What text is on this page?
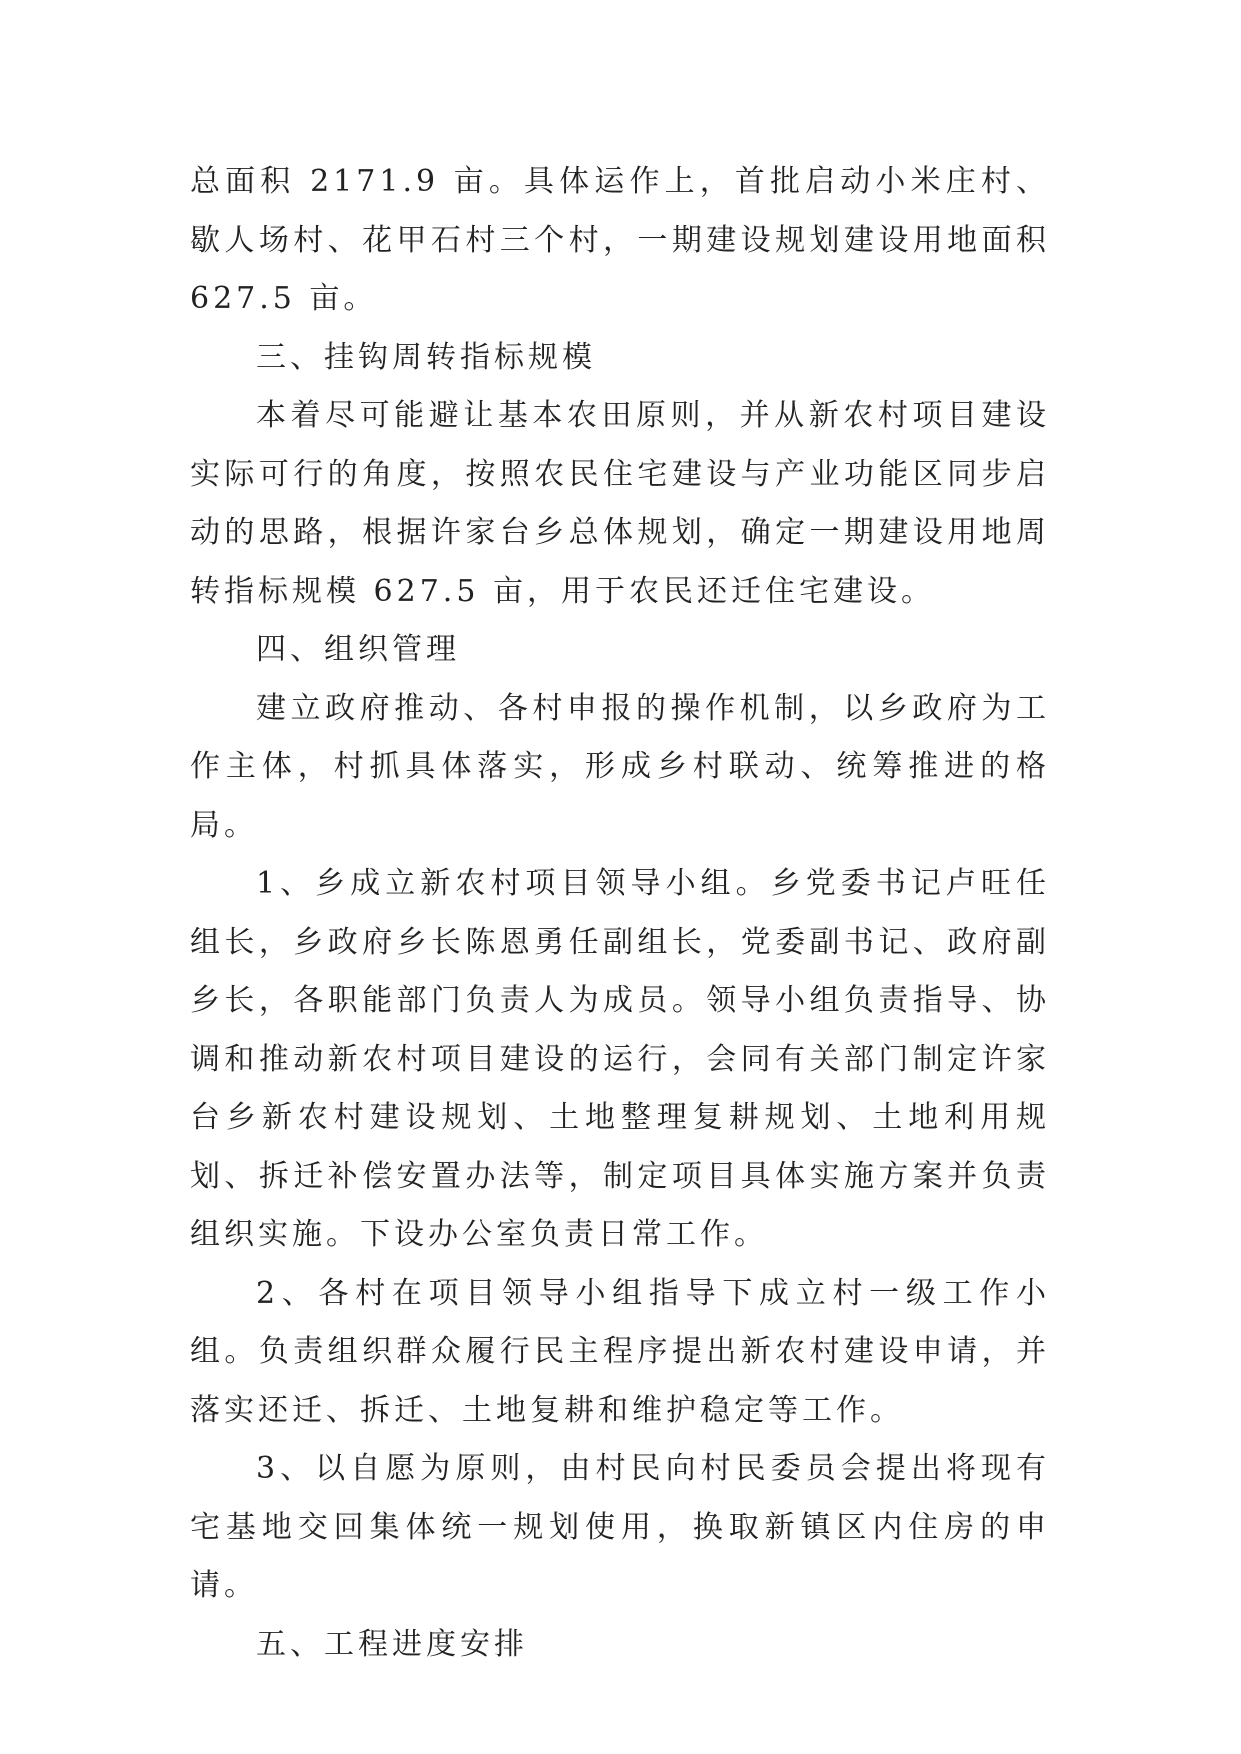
总面积 2171.9 亩。具体运作上，首批启动小米庄村、歇人场村、花甲石村三个村，一期建设规划建设用地面积 627.5 亩。

三、挂钩周转指标规模

本着尽可能避让基本农田原则，并从新农村项目建设实际可行的角度，按照农民住宅建设与产业功能区同步启动的思路，根据许家台乡总体规划，确定一期建设用地周转指标规模 627.5 亩，用于农民还迁住宅建设。

四、组织管理

建立政府推动、各村申报的操作机制，以乡政府为工作主体，村抓具体落实，形成乡村联动、统筹推进的格局。

1、乡成立新农村项目领导小组。乡党委书记卢旺任组长，乡政府乡长陈恩勇任副组长，党委副书记、政府副乡长，各职能部门负责人为成员。领导小组负责指导、协调和推动新农村项目建设的运行，会同有关部门制定许家台乡新农村建设规划、土地整理复耕规划、土地利用规划、拆迁补偿安置办法等，制定项目具体实施方案并负责组织实施。下设办公室负责日常工作。

2、各村在项目领导小组指导下成立村一级工作小组。负责组织群众履行民主程序提出新农村建设申请，并落实还迁、拆迁、土地复耕和维护稳定等工作。

3、以自愿为原则，由村民向村民委员会提出将现有宅基地交回集体统一规划使用，换取新镇区内住房的申请。

五、工程进度安排
